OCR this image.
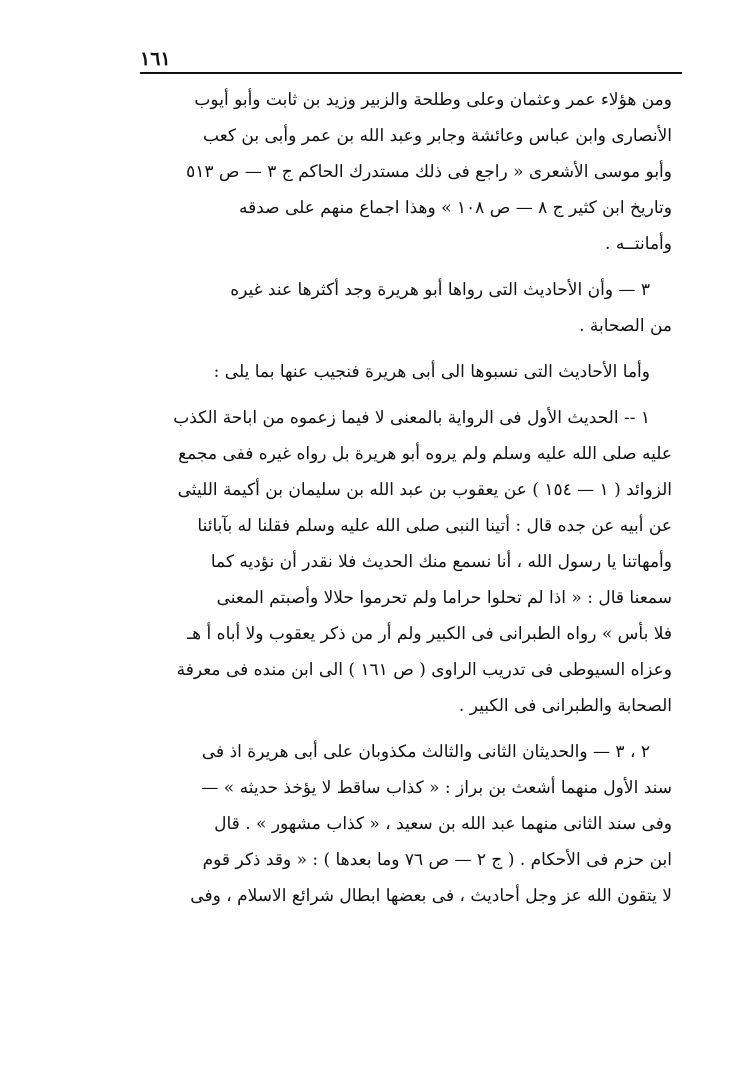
١٦١
ومن هؤلاء عمر وعثمان وعلى وطلحة والزبير وزيد بن ثابت وأبو أيوب
الأنصارى وابن عباس وعائشة وجابر وعبد الله بن عمر وأبى بن كعب
وأبو موسى الأشعرى « راجع فى ذلك مستدرك الحاكم ج ٣ — ص ٥١٣
وتاريخ ابن كثير ج ٨ — ص ١٠٨ » وهذا اجماع منهم على صدقه
وأمانتــه .
٣ — وأن الأحاديث التى رواها أبو هريرة وجد أكثرها عند غيره
من الصحابة .
وأما الأحاديث التى نسبوها الى أبى هريرة فنجيب عنها بما يلى :
١ -- الحديث الأول فى الرواية بالمعنى لا فيما زعموه من اباحة الكذب
عليه صلى الله عليه وسلم ولم يروه أبو هريرة بل رواه غيره ففى مجمع
الزوائد ( ١ — ١٥٤ ) عن يعقوب بن عبد الله بن سليمان بن أكيمة الليثى
عن أبيه عن جده قال : أتينا النبى صلى الله عليه وسلم فقلنا له بآبائنا
وأمهاتنا يا رسول الله ، أنا نسمع منك الحديث فلا نقدر أن نؤديه كما
سمعنا قال : « اذا لم تحلوا حراما ولم تحرموا حلالا وأصبتم المعنى
فلا بأس » رواه الطبرانى فى الكبير ولم أر من ذكر يعقوب ولا أباه أ هـ
وعزاه السيوطى فى تدريب الراوى ( ص ١٦١ ) الى ابن منده فى معرفة
الصحابة والطبرانى فى الكبير .
٢ ، ٣ — والحديثان الثانى والثالث مكذوبان على أبى هريرة اذ فى
سند الأول منهما أشعث بن براز : « كذاب ساقط لا يؤخذ حديثه » —
وفى سند الثانى منهما عبد الله بن سعيد ، « كذاب مشهور » . قال
ابن حزم فى الأحكام . ( ج ٢ — ص ٧٦ وما بعدها ) : « وقد ذكر قوم
لا يتقون الله عز وجل أحاديث ، فى بعضها ابطال شرائع الاسلام ، وفى
